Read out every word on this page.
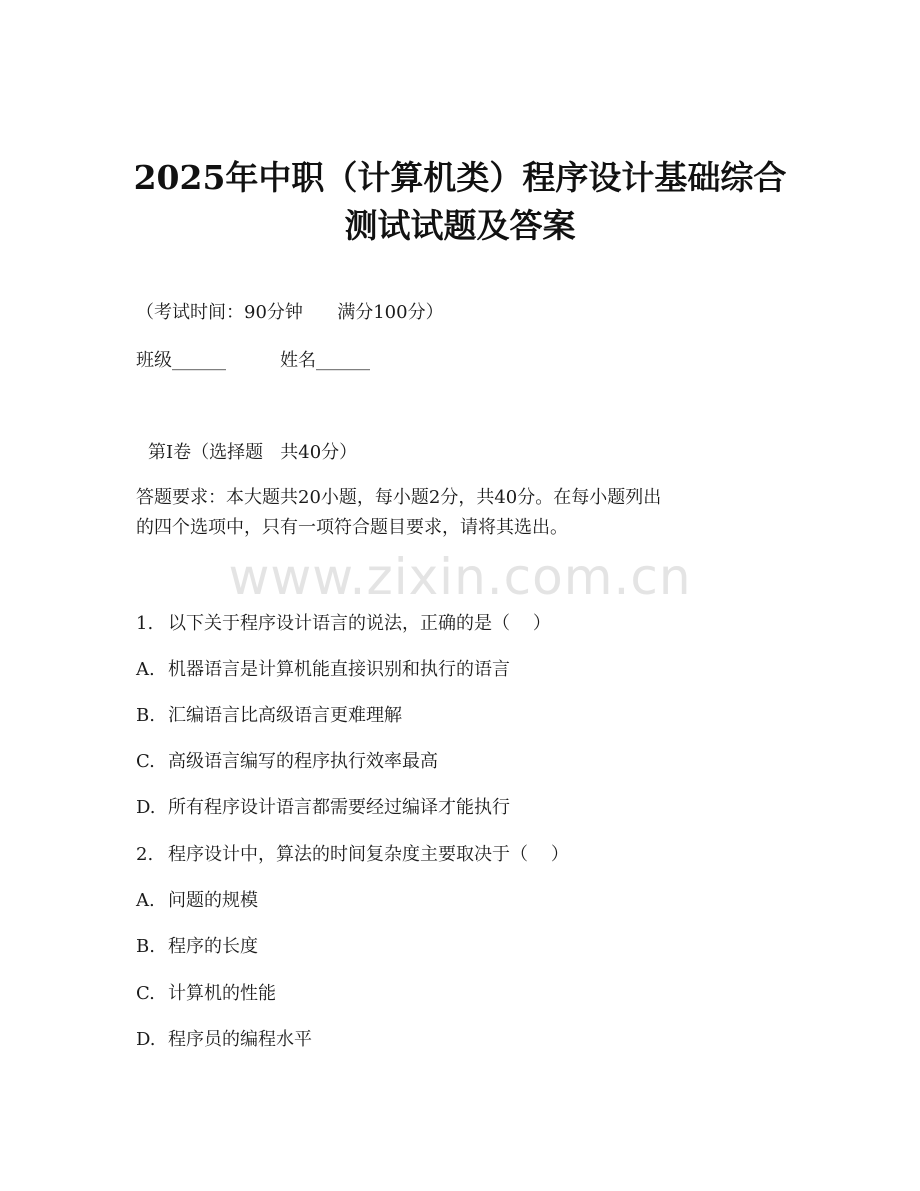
2025年中职（计算机类）程序设计基础综合
测试试题及答案
（考试时间：90分钟      满分100分）
班级______	姓名______
第Ⅰ卷（选择题   共40分）
答题要求：本大题共20小题，每小题2分，共40分。在每小题列出
的四个选项中，只有一项符合题目要求，请将其选出。
www.zixin.com.cn
1. 以下关于程序设计语言的说法，正确的是（    ）
A. 机器语言是计算机能直接识别和执行的语言
B. 汇编语言比高级语言更难理解
C. 高级语言编写的程序执行效率最高
D. 所有程序设计语言都需要经过编译才能执行
2. 程序设计中，算法的时间复杂度主要取决于（    ）
A. 问题的规模
B. 程序的长度
C. 计算机的性能
D. 程序员的编程水平
